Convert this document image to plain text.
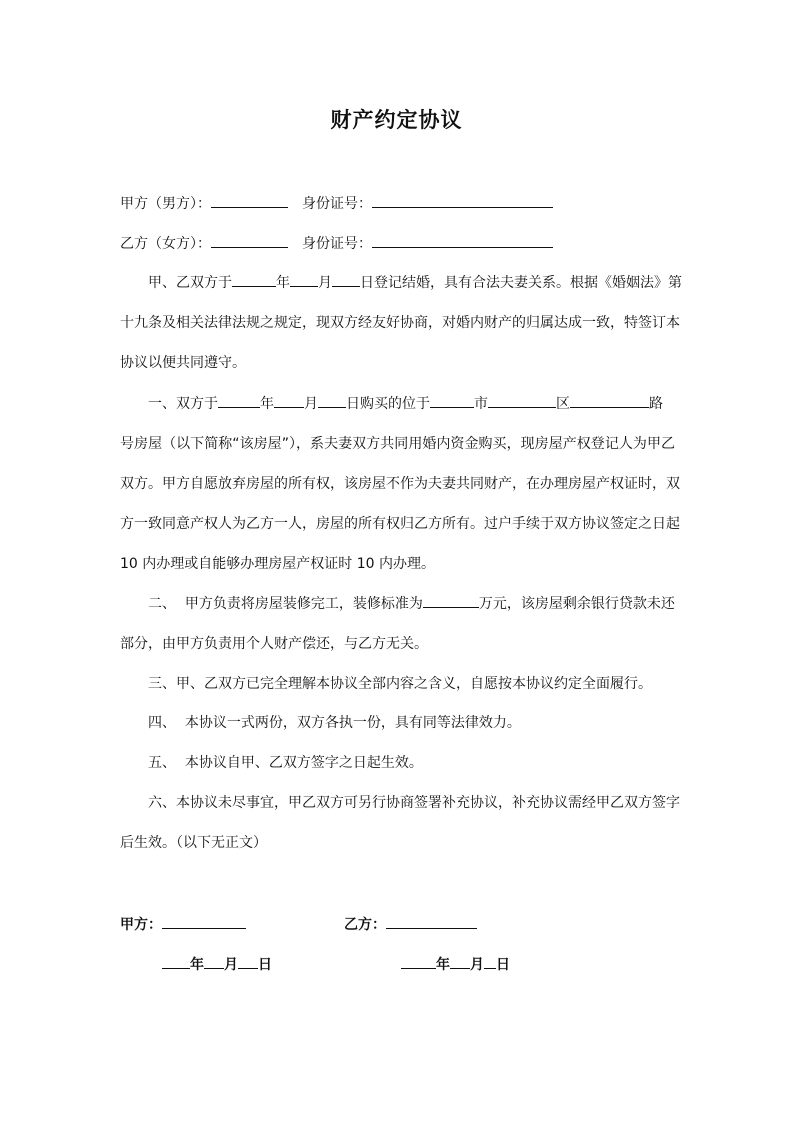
财产约定协议
甲方（男方）：	身份证号：
乙方（女方）：	身份证号：
甲、乙双方于	年 月 日登记结婚，具有合法夫妻关系。根据《婚姻法》第
十九条及相关法律法规之规定，现双方经友好协商，对婚内财产的归属达成一致，特签订本
协议以便共同遵守。
一、双方于	年 月 日购买的位于	市	区	路
号房屋（以下简称“该房屋”），系夫妻双方共同用婚内资金购买，现房屋产权登记人为甲乙
双方。甲方自愿放弃房屋的所有权，该房屋不作为夫妻共同财产，在办理房屋产权证时，双
方一致同意产权人为乙方一人，房屋的所有权归乙方所有。过户手续于双方协议签定之日起
10 内办理或自能够办理房屋产权证时 10 内办理。
二、  甲方负责将房屋装修完工，装修标准为	万元，该房屋剩余银行贷款未还
部分，由甲方负责用个人财产偿还，与乙方无关。
三、甲、乙双方已完全理解本协议全部内容之含义，自愿按本协议约定全面履行。
四、  本协议一式两份，双方各执一份，具有同等法律效力。
五、  本协议自甲、乙双方签字之日起生效。
六、本协议未尽事宜，甲乙双方可另行协商签署补充协议，补充协议需经甲乙双方签字
后生效。（以下无正文）
甲方：	乙方：
年 月 日	年 月 日
